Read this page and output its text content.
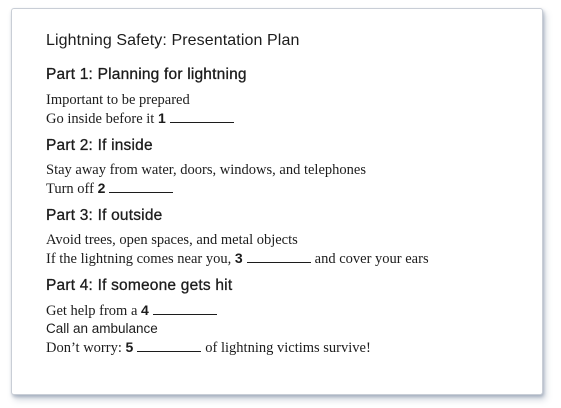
Lightning Safety: Presentation Plan
Part 1: Planning for lightning
Important to be prepared
Go inside before it 1
Part 2: If inside
Stay away from water, doors, windows, and telephones
Turn off 2
Part 3: If outside
Avoid trees, open spaces, and metal objects
If the lightning comes near you, 3	and cover your ears
Part 4: If someone gets hit
Get help from a 4
Call an ambulance
Don’t worry: 5	of lightning victims survive!
